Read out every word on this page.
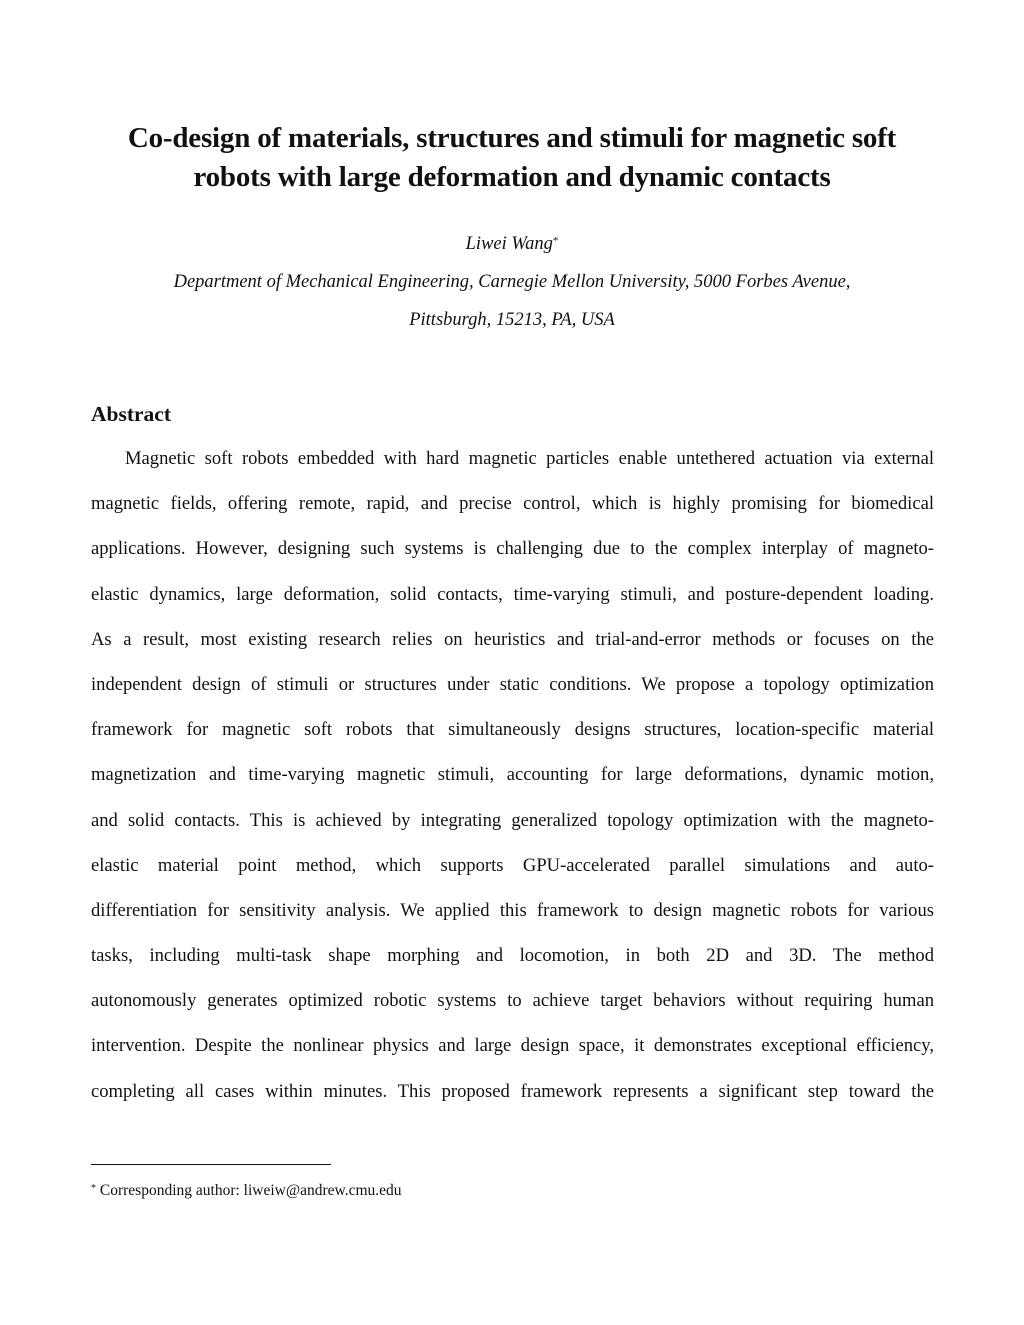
Co-design of materials, structures and stimuli for magnetic soft
robots with large deformation and dynamic contacts
Liwei Wang*
Department of Mechanical Engineering, Carnegie Mellon University, 5000 Forbes Avenue,
Pittsburgh, 15213, PA, USA
Abstract
Magnetic soft robots embedded with hard magnetic particles enable untethered actuation via external
magnetic fields, offering remote, rapid, and precise control, which is highly promising for biomedical
applications. However, designing such systems is challenging due to the complex interplay of magneto-
elastic dynamics, large deformation, solid contacts, time-varying stimuli, and posture-dependent loading.
As a result, most existing research relies on heuristics and trial-and-error methods or focuses on the
independent design of stimuli or structures under static conditions. We propose a topology optimization
framework for magnetic soft robots that simultaneously designs structures, location-specific material
magnetization and time-varying magnetic stimuli, accounting for large deformations, dynamic motion,
and solid contacts. This is achieved by integrating generalized topology optimization with the magneto-
elastic material point method, which supports GPU-accelerated parallel simulations and auto-
differentiation for sensitivity analysis. We applied this framework to design magnetic robots for various
tasks, including multi-task shape morphing and locomotion, in both 2D and 3D. The method
autonomously generates optimized robotic systems to achieve target behaviors without requiring human
intervention. Despite the nonlinear physics and large design space, it demonstrates exceptional efficiency,
completing all cases within minutes. This proposed framework represents a significant step toward the
* Corresponding author: liweiw@andrew.cmu.edu
